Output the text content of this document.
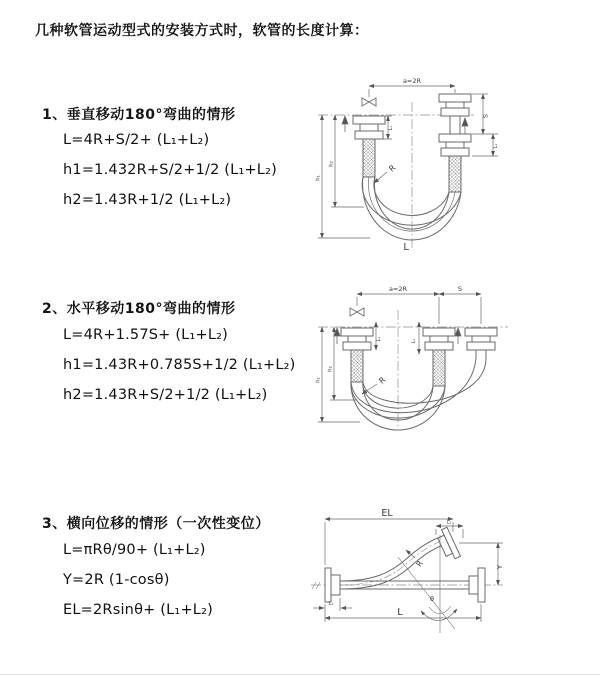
几种软管运动型式的安装方式时，软管的长度计算：
1、垂直移动180°弯曲的情形
L=4R+S/2+ (L₁+L₂)
h1=1.432R+S/2+1/2 (L₁+L₂)
h2=1.43R+1/2 (L₁+L₂)
2、水平移动180°弯曲的情形
L=4R+1.57S+ (L₁+L₂)
h1=1.43R+0.785S+1/2 (L₁+L₂)
h2=1.43R+S/2+1/2 (L₁+L₂)
3、横向位移的情形（一次性变位）
L=πRθ/90+ (L₁+L₂)
Y=2R (1-cosθ)
EL=2Rsinθ+ (L₁+L₂)
a=2R
S
L₁
L₁
h₁
h₂	R
L
a=2R	S
L₁	L₁
h₁
h₂
R
EL
L₁
Y
L
L₁
R
θ
